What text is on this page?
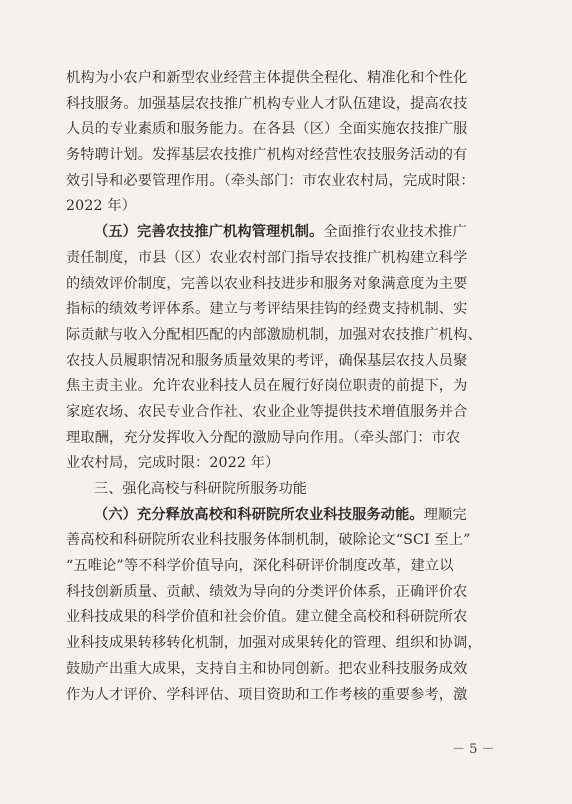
机构为小农户和新型农业经营主体提供全程化、精准化和个性化
科技服务。加强基层农技推广机构专业人才队伍建设，提高农技
人员的专业素质和服务能力。在各县（区）全面实施农技推广服
务特聘计划。发挥基层农技推广机构对经营性农技服务活动的有
效引导和必要管理作用。（牵头部门：市农业农村局，完成时限：
2022 年）
（五）完善农技推广机构管理机制。全面推行农业技术推广
责任制度，市县（区）农业农村部门指导农技推广机构建立科学
的绩效评价制度，完善以农业科技进步和服务对象满意度为主要
指标的绩效考评体系。建立与考评结果挂钩的经费支持机制、实
际贡献与收入分配相匹配的内部激励机制，加强对农技推广机构、
农技人员履职情况和服务质量效果的考评，确保基层农技人员聚
焦主责主业。允许农业科技人员在履行好岗位职责的前提下，为
家庭农场、农民专业合作社、农业企业等提供技术增值服务并合
理取酬，充分发挥收入分配的激励导向作用。（牵头部门：市农
业农村局，完成时限：2022 年）
三、强化高校与科研院所服务功能
（六）充分释放高校和科研院所农业科技服务动能。理顺完
善高校和科研院所农业科技服务体制机制，破除论文“SCI 至上”
“五唯论”等不科学价值导向，深化科研评价制度改革，建立以
科技创新质量、贡献、绩效为导向的分类评价体系，正确评价农
业科技成果的科学价值和社会价值。建立健全高校和科研院所农
业科技成果转移转化机制，加强对成果转化的管理、组织和协调，
鼓励产出重大成果，支持自主和协同创新。把农业科技服务成效
作为人才评价、学科评估、项目资助和工作考核的重要参考，激
－ 5 －
